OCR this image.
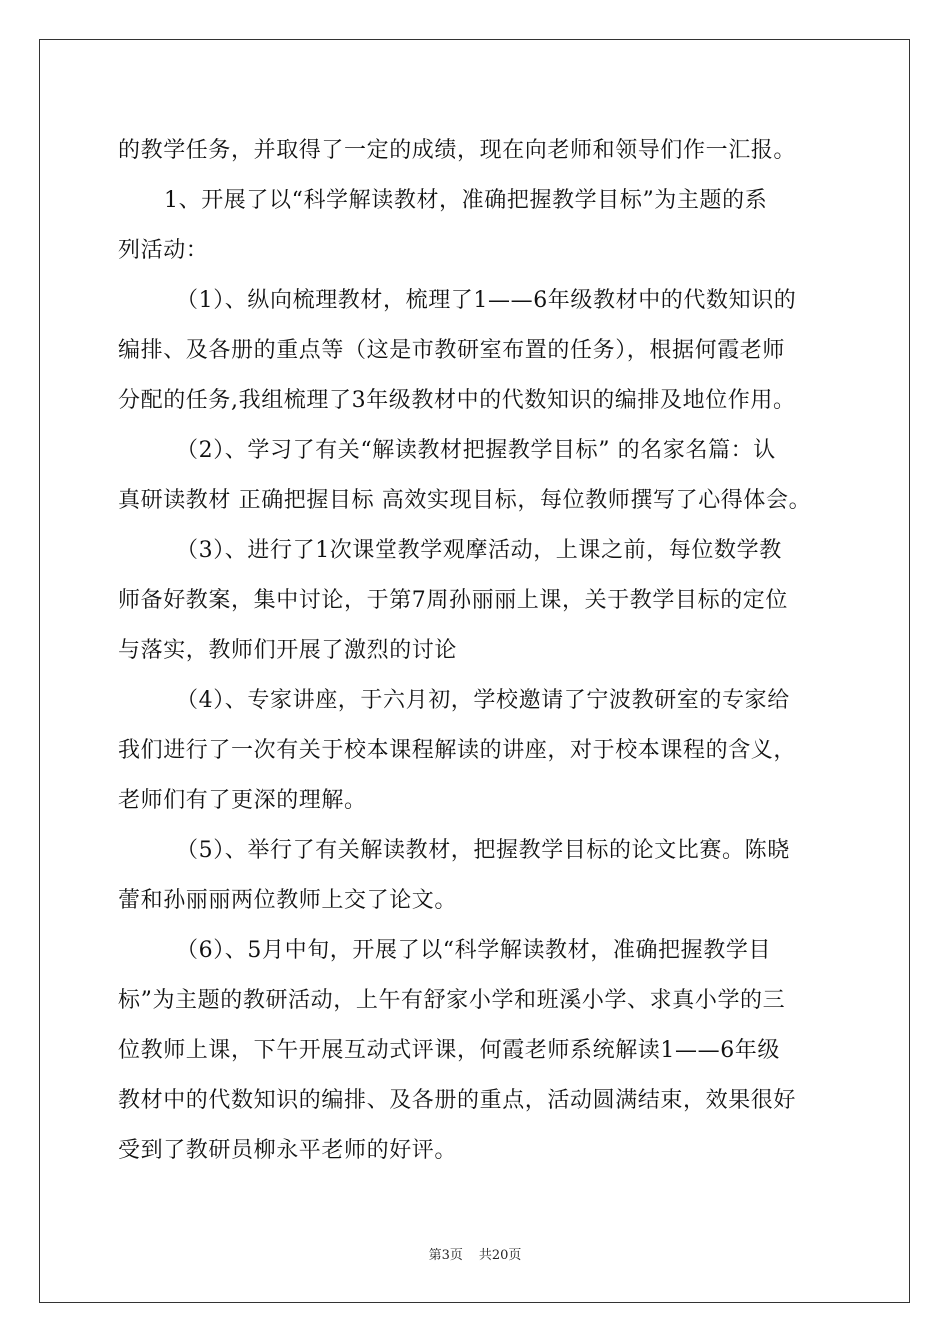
的教学任务，并取得了一定的成绩，现在向老师和领导们作一汇报。
1、开展了以“科学解读教材，准确把握教学目标”为主题的系
列活动：
（1）、纵向梳理教材，梳理了1——6年级教材中的代数知识的
编排、及各册的重点等（这是市教研室布置的任务），根据何霞老师
分配的任务,我组梳理了3年级教材中的代数知识的编排及地位作用。
（2）、学习了有关“解读教材把握教学目标” 的名家名篇：认
真研读教材 正确把握目标 高效实现目标，每位教师撰写了心得体会。
（3）、进行了1次课堂教学观摩活动，上课之前，每位数学教
师备好教案，集中讨论，于第7周孙丽丽上课，关于教学目标的定位
与落实，教师们开展了激烈的讨论
（4）、专家讲座，于六月初，学校邀请了宁波教研室的专家给
我们进行了一次有关于校本课程解读的讲座，对于校本课程的含义，
老师们有了更深的理解。
（5）、举行了有关解读教材，把握教学目标的论文比赛。陈晓
蕾和孙丽丽两位教师上交了论文。
（6）、5月中旬，开展了以“科学解读教材，准确把握教学目
标”为主题的教研活动，上午有舒家小学和班溪小学、求真小学的三
位教师上课，下午开展互动式评课，何霞老师系统解读1——6年级
教材中的代数知识的编排、及各册的重点，活动圆满结束，效果很好
受到了教研员柳永平老师的好评。
第3页 共20页
